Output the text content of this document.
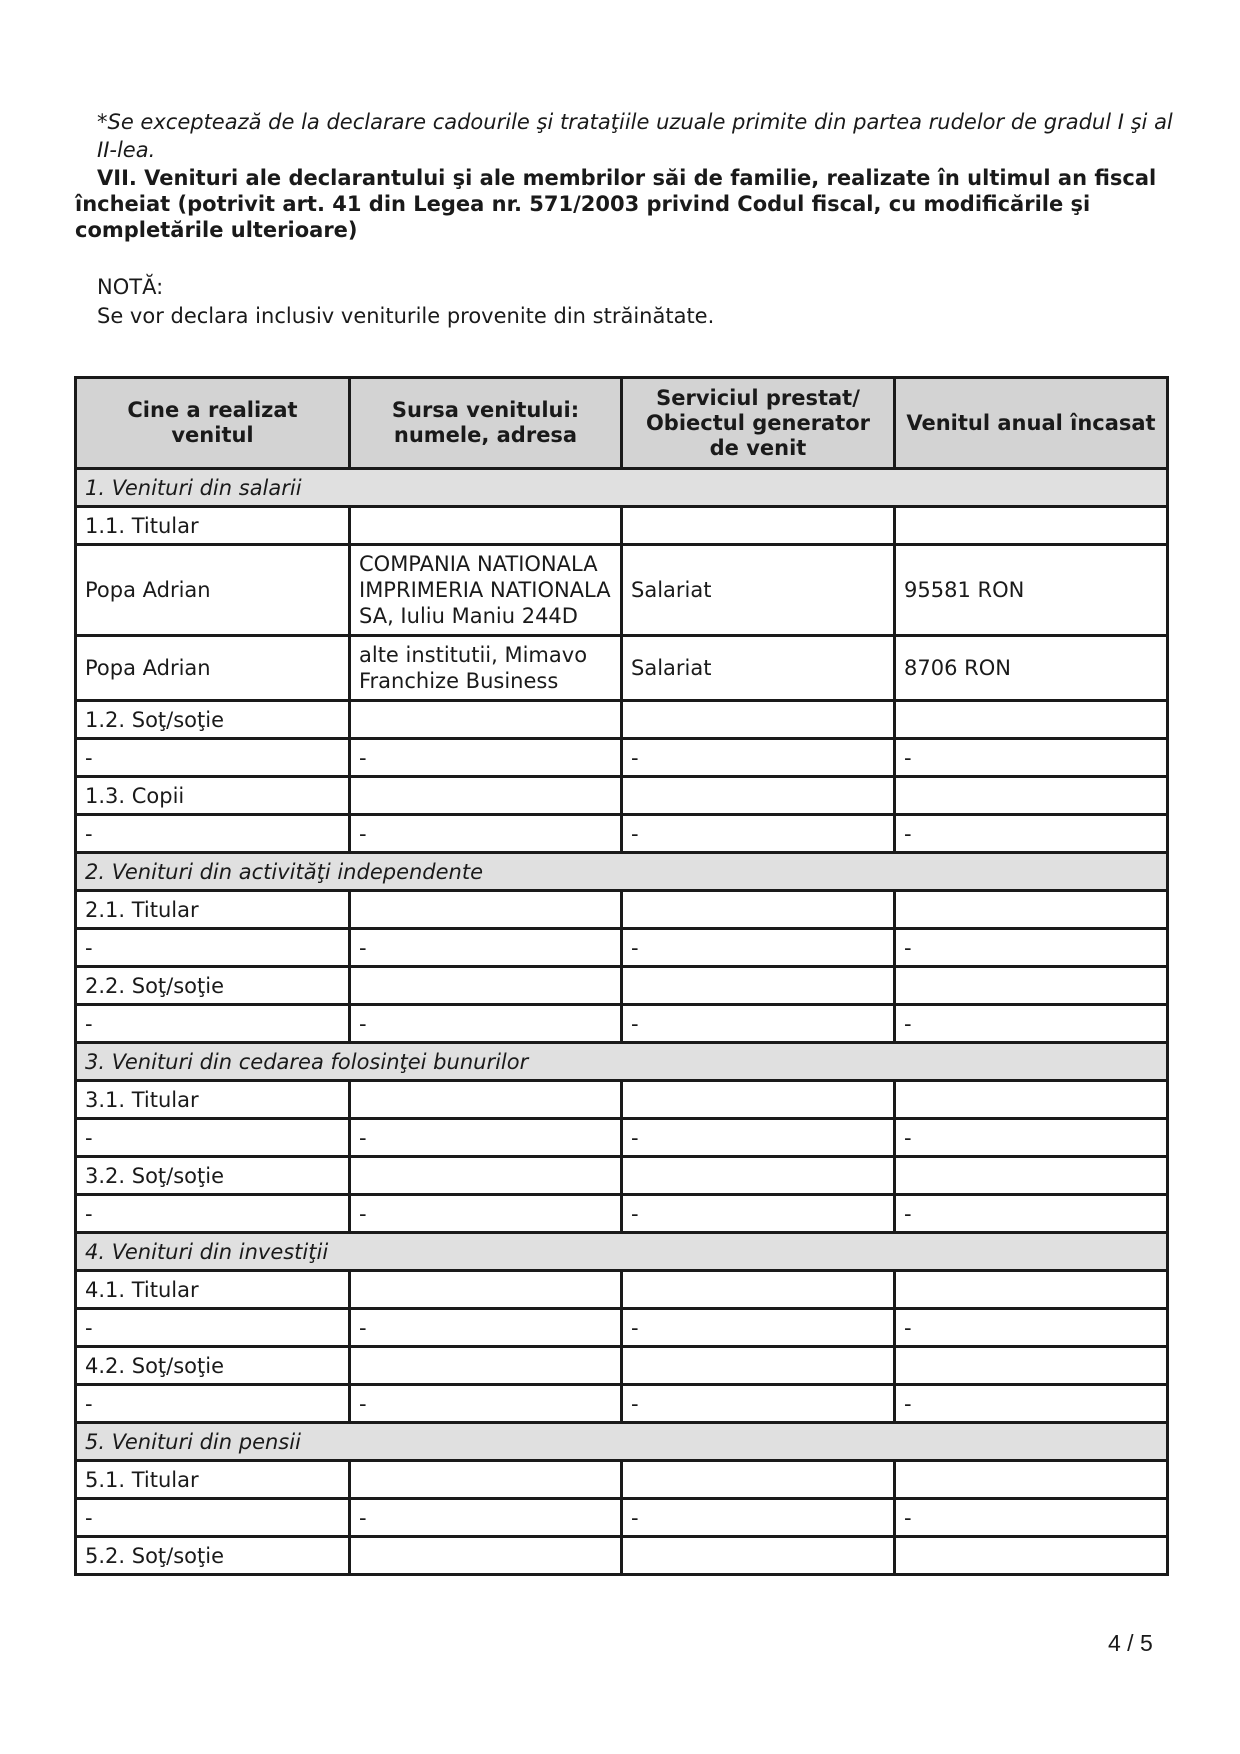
*Se exceptează de la declarare cadourile şi trataţiile uzuale primite din partea rudelor de gradul I şi al II-lea.

VII. Venituri ale declarantului şi ale membrilor săi de familie, realizate în ultimul an fiscal încheiat (potrivit art. 41 din Legea nr. 571/2003 privind Codul fiscal, cu modificările şi completările ulterioare)

NOTĂ:

Se vor declara inclusiv veniturile provenite din străinătate.

Cine a realizat venitul	Sursa venitului: numele, adresa	Serviciul prestat/ Obiectul generator de venit	Venitul anual încasat
1. Venituri din salarii			
1.1. Titular			
Popa Adrian	COMPANIA NATIONALA IMPRIMERIA NATIONALA SA, Iuliu Maniu 244D	Salariat	95581 RON
Popa Adrian	alte institutii, Mimavo Franchize Business	Salariat	8706 RON
1.2. Soţ/soţie			
-	-	-	-
1.3. Copii			
-	-	-	-
2. Venituri din activităţi independente			
2.1. Titular			
-	-	-	-
2.2. Soţ/soţie			
-	-	-	-
3. Venituri din cedarea folosinţei bunurilor			
3.1. Titular			
-	-	-	-
3.2. Soţ/soţie			
-	-	-	-
4. Venituri din investiţii			
4.1. Titular			
-	-	-	-
4.2. Soţ/soţie			
-	-	-	-
5. Venituri din pensii			
5.1. Titular			
-	-	-	-
5.2. Soţ/soţie			

4 / 5
